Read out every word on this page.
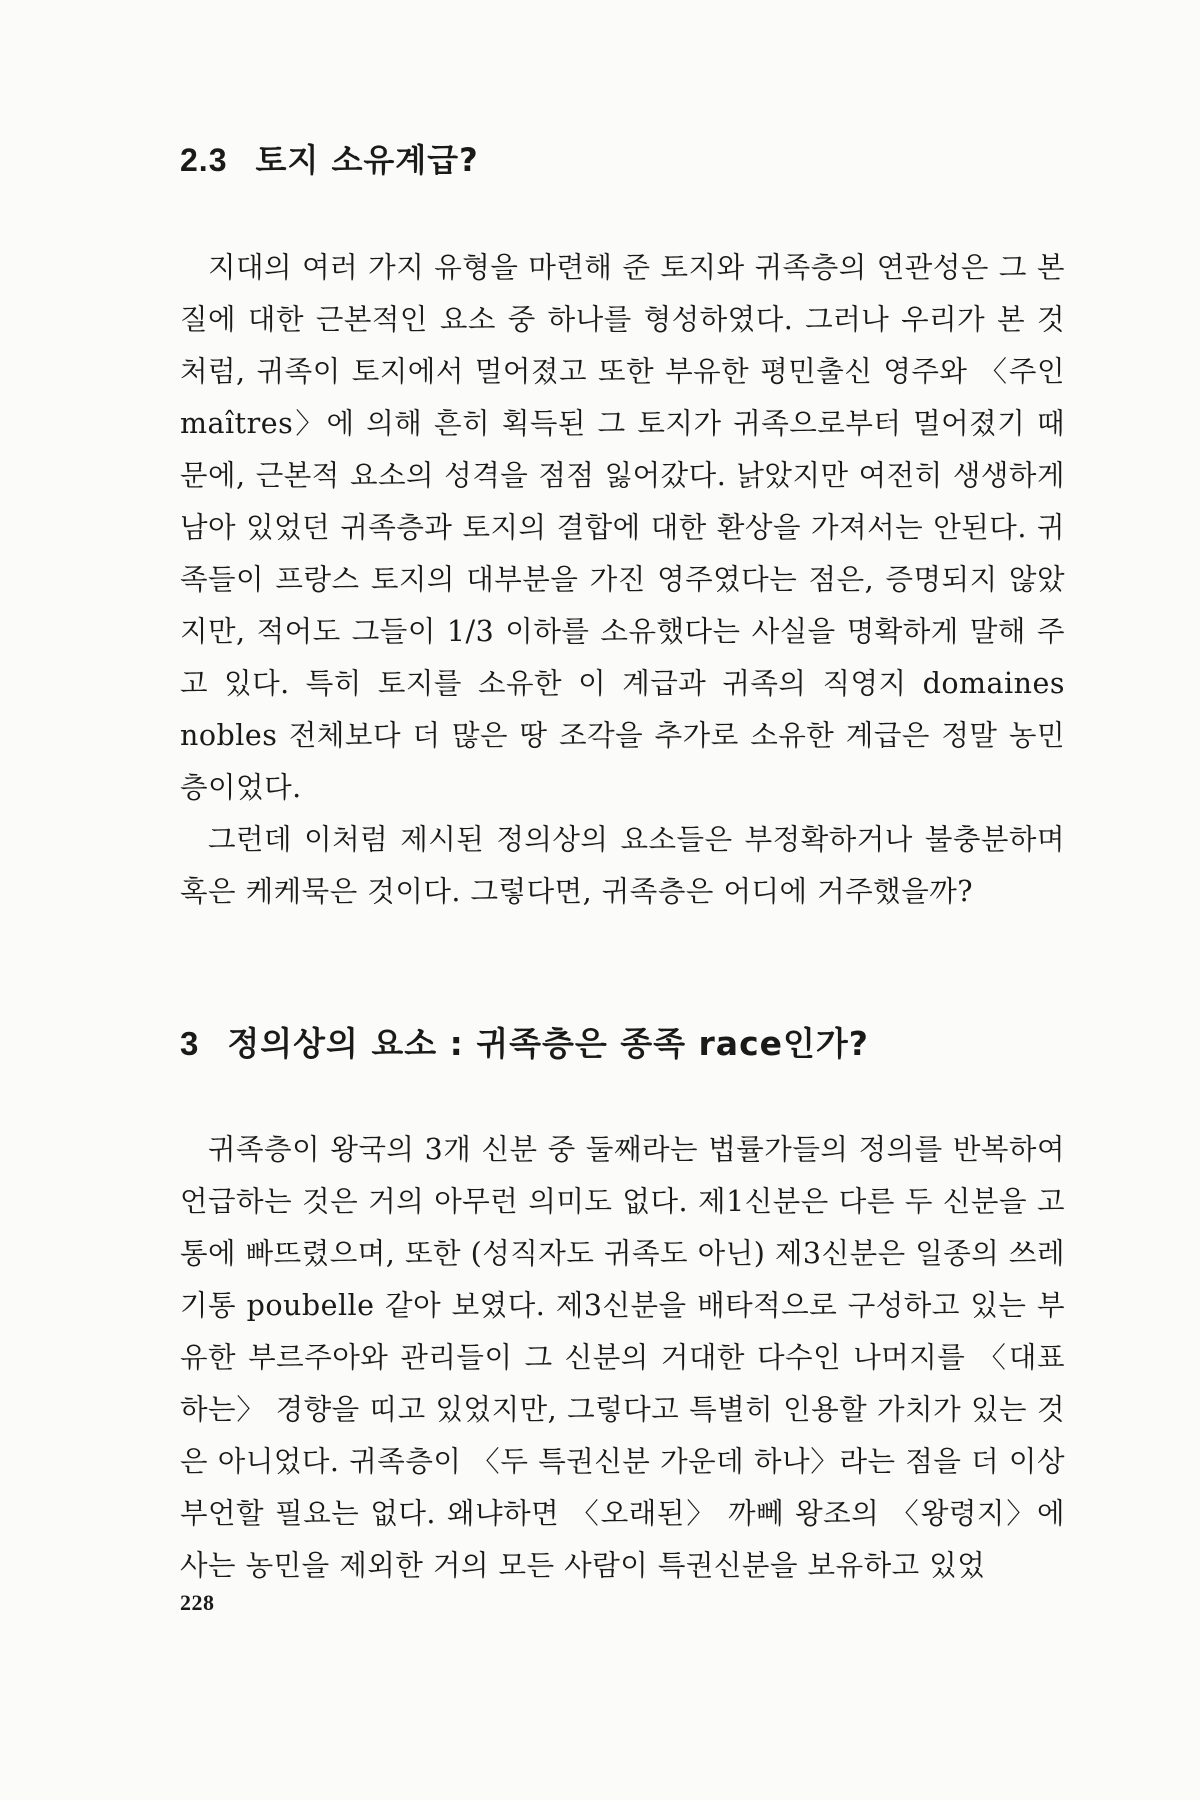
2.3 토지 소유계급?

지대의 여러 가지 유형을 마련해 준 토지와 귀족층의 연관성은 그 본질에 대한 근본적인 요소 중 하나를 형성하였다. 그러나 우리가 본 것처럼, 귀족이 토지에서 멀어졌고 또한 부유한 평민출신 영주와 〈주인 maîtres〉에 의해 흔히 획득된 그 토지가 귀족으로부터 멀어졌기 때문에, 근본적 요소의 성격을 점점 잃어갔다. 낡았지만 여전히 생생하게 남아 있었던 귀족층과 토지의 결합에 대한 환상을 가져서는 안된다. 귀족들이 프랑스 토지의 대부분을 가진 영주였다는 점은, 증명되지 않았지만, 적어도 그들이 1/3 이하를 소유했다는 사실을 명확하게 말해 주고 있다. 특히 토지를 소유한 이 계급과 귀족의 직영지 domaines nobles 전체보다 더 많은 땅 조각을 추가로 소유한 계급은 정말 농민층이었다.

그런데 이처럼 제시된 정의상의 요소들은 부정확하거나 불충분하며 혹은 케케묵은 것이다. 그렇다면, 귀족층은 어디에 거주했을까?

3 정의상의 요소 : 귀족층은 종족 race인가?

귀족층이 왕국의 3개 신분 중 둘째라는 법률가들의 정의를 반복하여 언급하는 것은 거의 아무런 의미도 없다. 제1신분은 다른 두 신분을 고통에 빠뜨렸으며, 또한 (성직자도 귀족도 아닌) 제3신분은 일종의 쓰레기통 poubelle 같아 보였다. 제3신분을 배타적으로 구성하고 있는 부유한 부르주아와 관리들이 그 신분의 거대한 다수인 나머지를 〈대표하는〉 경향을 띠고 있었지만, 그렇다고 특별히 인용할 가치가 있는 것은 아니었다. 귀족층이 〈두 특권신분 가운데 하나〉라는 점을 더 이상 부언할 필요는 없다. 왜냐하면 〈오래된〉 까뻬 왕조의 〈왕령지〉에 사는 농민을 제외한 거의 모든 사람이 특권신분을 보유하고 있었

228
